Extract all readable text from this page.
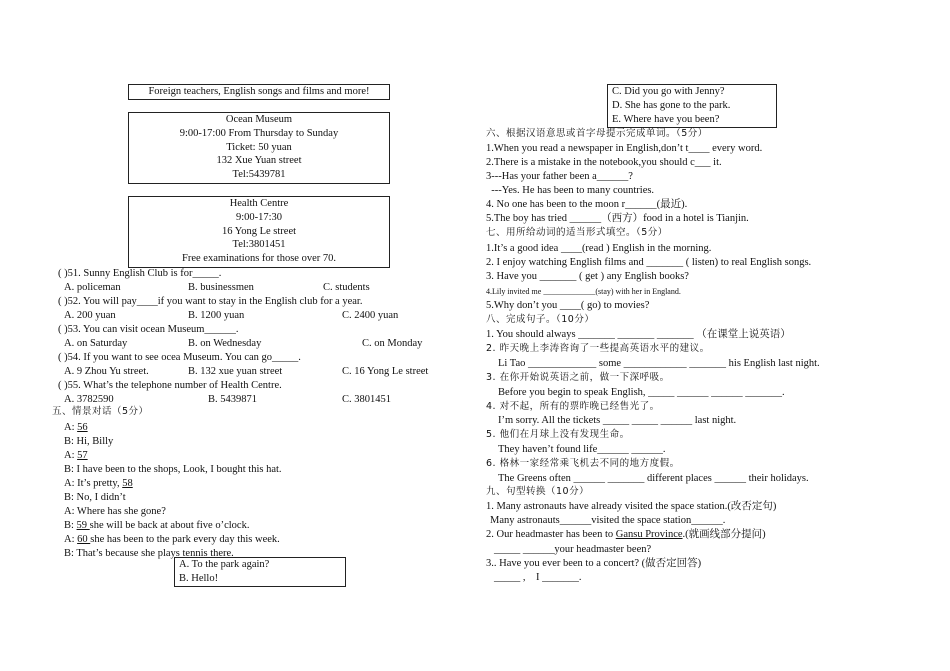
Foreign teachers, English songs and films and more!
Ocean Museum
9:00-17:00 From Thursday to Sunday
Ticket: 50 yuan
132 Xue Yuan street
Tel:5439781
Health Centre
9:00-17:30
16 Yong Le street
Tel:3801451
Free examinations for those over 70.
( )51. Sunny English Club is for_____.
A. policeman	B. businessmen	C. students
( )52. You will pay____if you want to stay in the English club for a year.
A. 200 yuan	B. 1200 yuan	C. 2400 yuan
( )53. You can visit ocean Museum______.
A. on Saturday	B. on Wednesday	C. on Monday
( )54. If you want to see ocea Museum. You can go_____.
A. 9 Zhou Yu street.	B. 132 xue yuan street	C. 16 Yong Le street
( )55. What’s the telephone number of Health Centre.
A. 3782590	B. 5439871	C. 3801451
五、情景对话（5分）
A: 56
B: Hi, Billy
A: 57
B: I have been to the shops, Look, I bought this hat.
A: It’s pretty, 58
B: No, I didn’t
A: Where has she gone?
B: 59 she will be back at about five o’clock.
A: 60 she has been to the park every day this week.
B: That’s because she plays tennis there.
A. To the park again?
B. Hello!
C. Did you go with Jenny?
D. She has gone to the park.
E. Where have you been?
六、根据汉语意思或首字母提示完成单词。（5分）
1.When you read a newspaper in English,don’t t____ every word.
2.There is a mistake in the notebook,you should c___ it.
3---Has your father been a______?
---Yes. He has been to many countries.
4. No one has been to the moon r______(最近).
5.The boy has tried ______（西方）food in a hotel is Tianjin.
七、用所给动词的适当形式填空。（5分）
1.It’s a good idea ____(read ) English in the morning.
2. I enjoy watching English films and _______ ( listen) to real English songs.
3. Have you _______ ( get ) any English books?
4.Lily invited me _____________(stay) with her in England.
5.Why don’t you ____( go) to movies?
八、完成句子。（10分）
1. You should always _______ _______ _______ （在课堂上说英语）
2. 昨天晚上李涛咨询了一些提高英语水平的建议。
Li Tao _____________ some ____________ _______ his English last night.
3. 在你开始说英语之前，做一下深呼吸。
Before you begin to speak English, _____ ______ ______ _______.
4. 对不起，所有的票昨晚已经售光了。
I’m sorry. All the tickets _____ _____ ______ last night.
5. 他们在月球上没有发现生命。
They haven’t found life______ ______.
6. 格林一家经常乘飞机去不同的地方度假。
The Greens often ______ _______ different places ______ their holidays.
九、句型转换（10分）
1. Many astronauts have already visited the space station.(改否定句)
Many astronauts______visited the space station______.
2. Our headmaster has been to Gansu Province.(就画线部分提问)
_____ ______your headmaster been?
3.. Have you ever been to a concert? (做否定回答)
_____ ,    I _______.
